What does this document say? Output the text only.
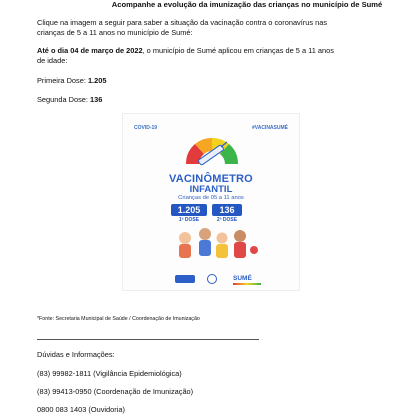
Acompanhe a evolução da imunização das crianças no município de Sumé
Clique na imagem a seguir para saber a situação da vacinação contra o coronavírus nas
crianças de 5 a 11 anos no município de Sumé:
Até o dia 04 de março de 2022, o município de Sumé aplicou em crianças de 5 a 11 anos
de idade:
Primeira Dose: 1.205
Segunda Dose: 136
*Fonte: Secretaria Municipal de Saúde / Coordenação de Imunização
Dúvidas e Informações:
(83) 99982-1811 (Vigilância Epidemiológica)
(83) 99413-0950 (Coordenação de Imunização)
0800 083 1403 (Ouvidoria)
COVID-19	#VACINASUMÉ
VACINÔMETRO
INFANTIL
Crianças de 05 a 11 anos
1.205	136
1ª DOSE	2ª DOSE
SUMÉ
